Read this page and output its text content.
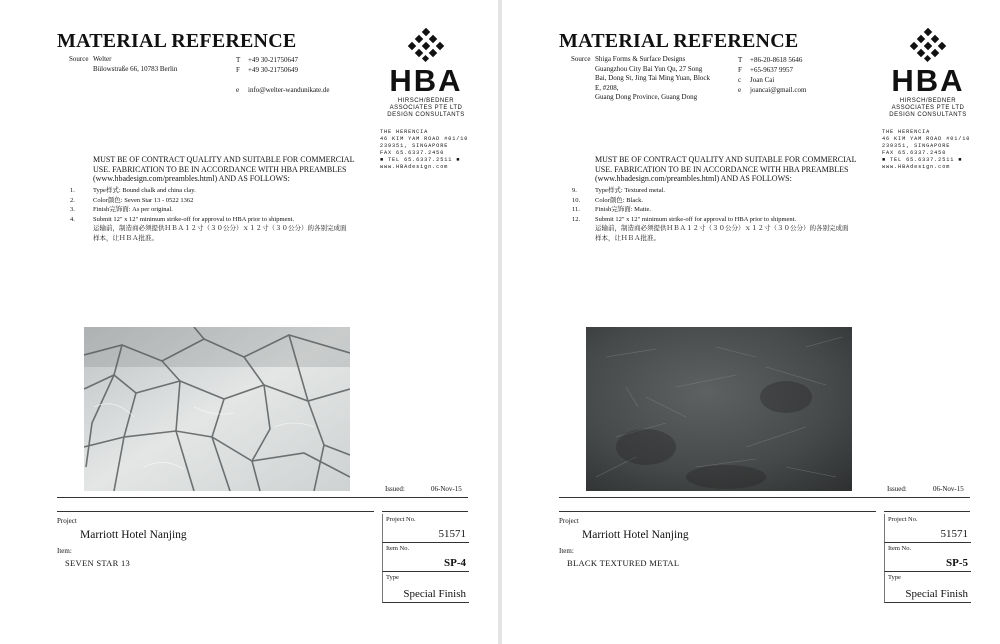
MATERIAL REFERENCE
Source Welter
Bülowstraße 66, 10783 Berlin
T +49 30-21750647
F +49 30-21750649

e info@welter-wandunikate.de	HBA
HIRSCH/BEDNER
ASSOCIATES PTE LTD
DESIGN CONSULTANTS
THE HERENCIA
46 KIM YAM ROAD #01/10
239351, SINGAPORE
FAX 65.6337.2450
■ TEL 65.6337.2511 ■
www.HBAdesign.com
MUST BE OF CONTRACT QUALITY AND SUITABLE FOR COMMERCIAL
USE. FABRICATION TO BE IN ACCORDANCE WITH HBA PREAMBLES
(www.hbadesign.com/preambles.html) AND AS FOLLOWS:
1.	Type样式: Bound chalk and china clay.
2.	Color颜色: Seven Star 13 - 0522 1362
3.	Finish完饰面: As per original.
4.	Submit 12" x 12" minimum strike-off for approval to HBA prior to shipment.
运输前，制造商必须提供ＨＢＡ１２寸（３０公分）ｘ１２寸（３０公分）的各别完成面
样本，让ＨＢＡ批准。
Issued:	06-Nov-15
Project
Marriott Hotel Nanjing
Item:
SEVEN STAR 13
Project No.
51571
Item No.
SP-4
Type
Special Finish
MATERIAL REFERENCE
Source Shiga Forms & Surface Designs
Guangzhou City Bai Yun Qu, 27 Song
Bai, Dong St, Jing Tai Ming Yuan, Block
E, #208,
Guang Dong Province, Guang Dong
T +86-20-8618 5646
F +65-9637 9957
c Joan Cai
e joancai@gmail.com	HBA
HIRSCH/BEDNER
ASSOCIATES PTE LTD
DESIGN CONSULTANTS
THE HERENCIA
46 KIM YAM ROAD #01/10
239351, SINGAPORE
FAX 65.6337.2450
■ TEL 65.6337.2511 ■
www.HBAdesign.com
MUST BE OF CONTRACT QUALITY AND SUITABLE FOR COMMERCIAL
USE. FABRICATION TO BE IN ACCORDANCE WITH HBA PREAMBLES
(www.hbadesign.com/preambles.html) AND AS FOLLOWS:
9.	Type样式: Textured metal.
10. Color颜色: Black.
11. Finish完饰面: Matte.
12. Submit 12" x 12" minimum strike-off for approval to HBA prior to shipment.
运输前，制造商必须提供ＨＢＡ１２寸（３０公分）ｘ１２寸（３０公分）的各别完成面
样本，让ＨＢＡ批准。
Issued:	06-Nov-15
Project
Marriott Hotel Nanjing
Item:
BLACK TEXTURED METAL
Project No.
51571
Item No.
SP-5
Type
Special Finish
